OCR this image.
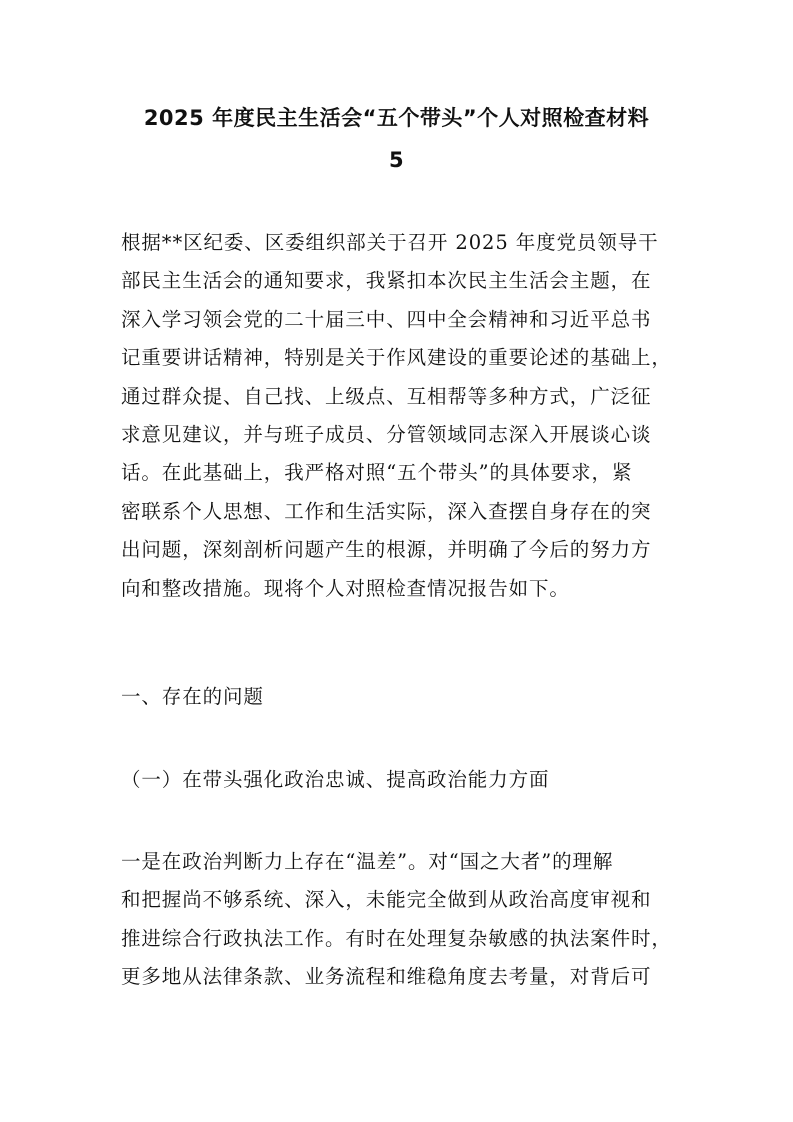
2025 年度民主生活会“五个带头”个人对照检查材料
5
根据**区纪委、区委组织部关于召开 2025 年度党员领导干
部民主生活会的通知要求，我紧扣本次民主生活会主题，在
深入学习领会党的二十届三中、四中全会精神和习近平总书
记重要讲话精神，特别是关于作风建设的重要论述的基础上，
通过群众提、自己找、上级点、互相帮等多种方式，广泛征
求意见建议，并与班子成员、分管领域同志深入开展谈心谈
话。在此基础上，我严格对照“五个带头”的具体要求，紧
密联系个人思想、工作和生活实际，深入查摆自身存在的突
出问题，深刻剖析问题产生的根源，并明确了今后的努力方
向和整改措施。现将个人对照检查情况报告如下。
一、存在的问题
（一）在带头强化政治忠诚、提高政治能力方面
一是在政治判断力上存在“温差”。对“国之大者”的理解
和把握尚不够系统、深入，未能完全做到从政治高度审视和
推进综合行政执法工作。有时在处理复杂敏感的执法案件时，
更多地从法律条款、业务流程和维稳角度去考量，对背后可
